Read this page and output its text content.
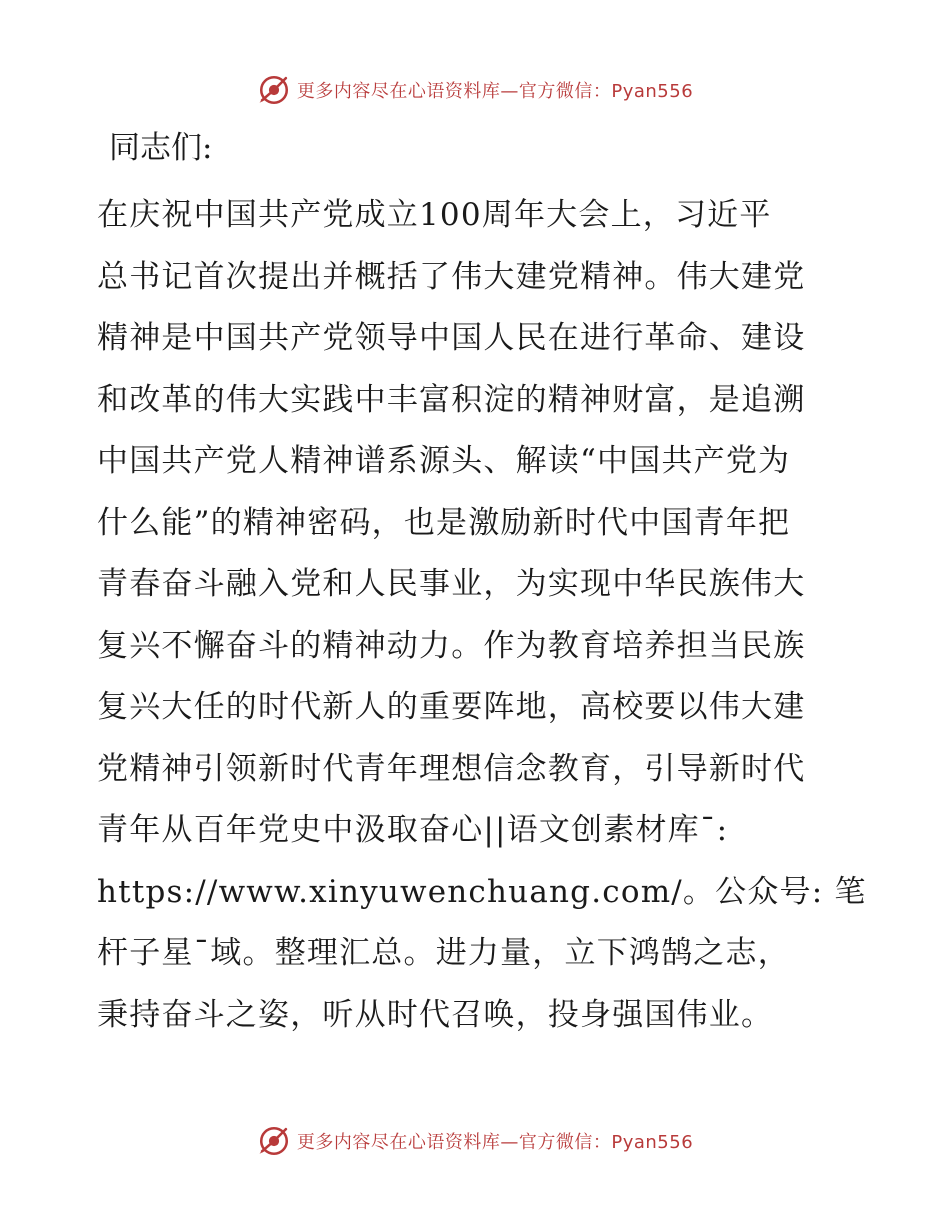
更多内容尽在心语资料库—官方微信：Pyan556
同志们:
在庆祝中国共产党成立100周年大会上，习近平
总书记首次提出并概括了伟大建党精神。伟大建党
精神是中国共产党领导中国人民在进行革命、建设
和改革的伟大实践中丰富积淀的精神财富，是追溯
中国共产党人精神谱系源头、解读“中国共产党为
什么能”的精神密码，也是激励新时代中国青年把
青春奋斗融入党和人民事业，为实现中华民族伟大
复兴不懈奋斗的精神动力。作为教育培养担当民族
复兴大任的时代新人的重要阵地，高校要以伟大建
党精神引领新时代青年理想信念教育，引导新时代
青年从百年党史中汲取奋心||语文创素材库¯:
https://www.xinyuwenchuang.com/。公众号: 笔
杆子星¯域。整理汇总。进力量，立下鸿鹄之志，
秉持奋斗之姿，听从时代召唤，投身强国伟业。
更多内容尽在心语资料库—官方微信：Pyan556
